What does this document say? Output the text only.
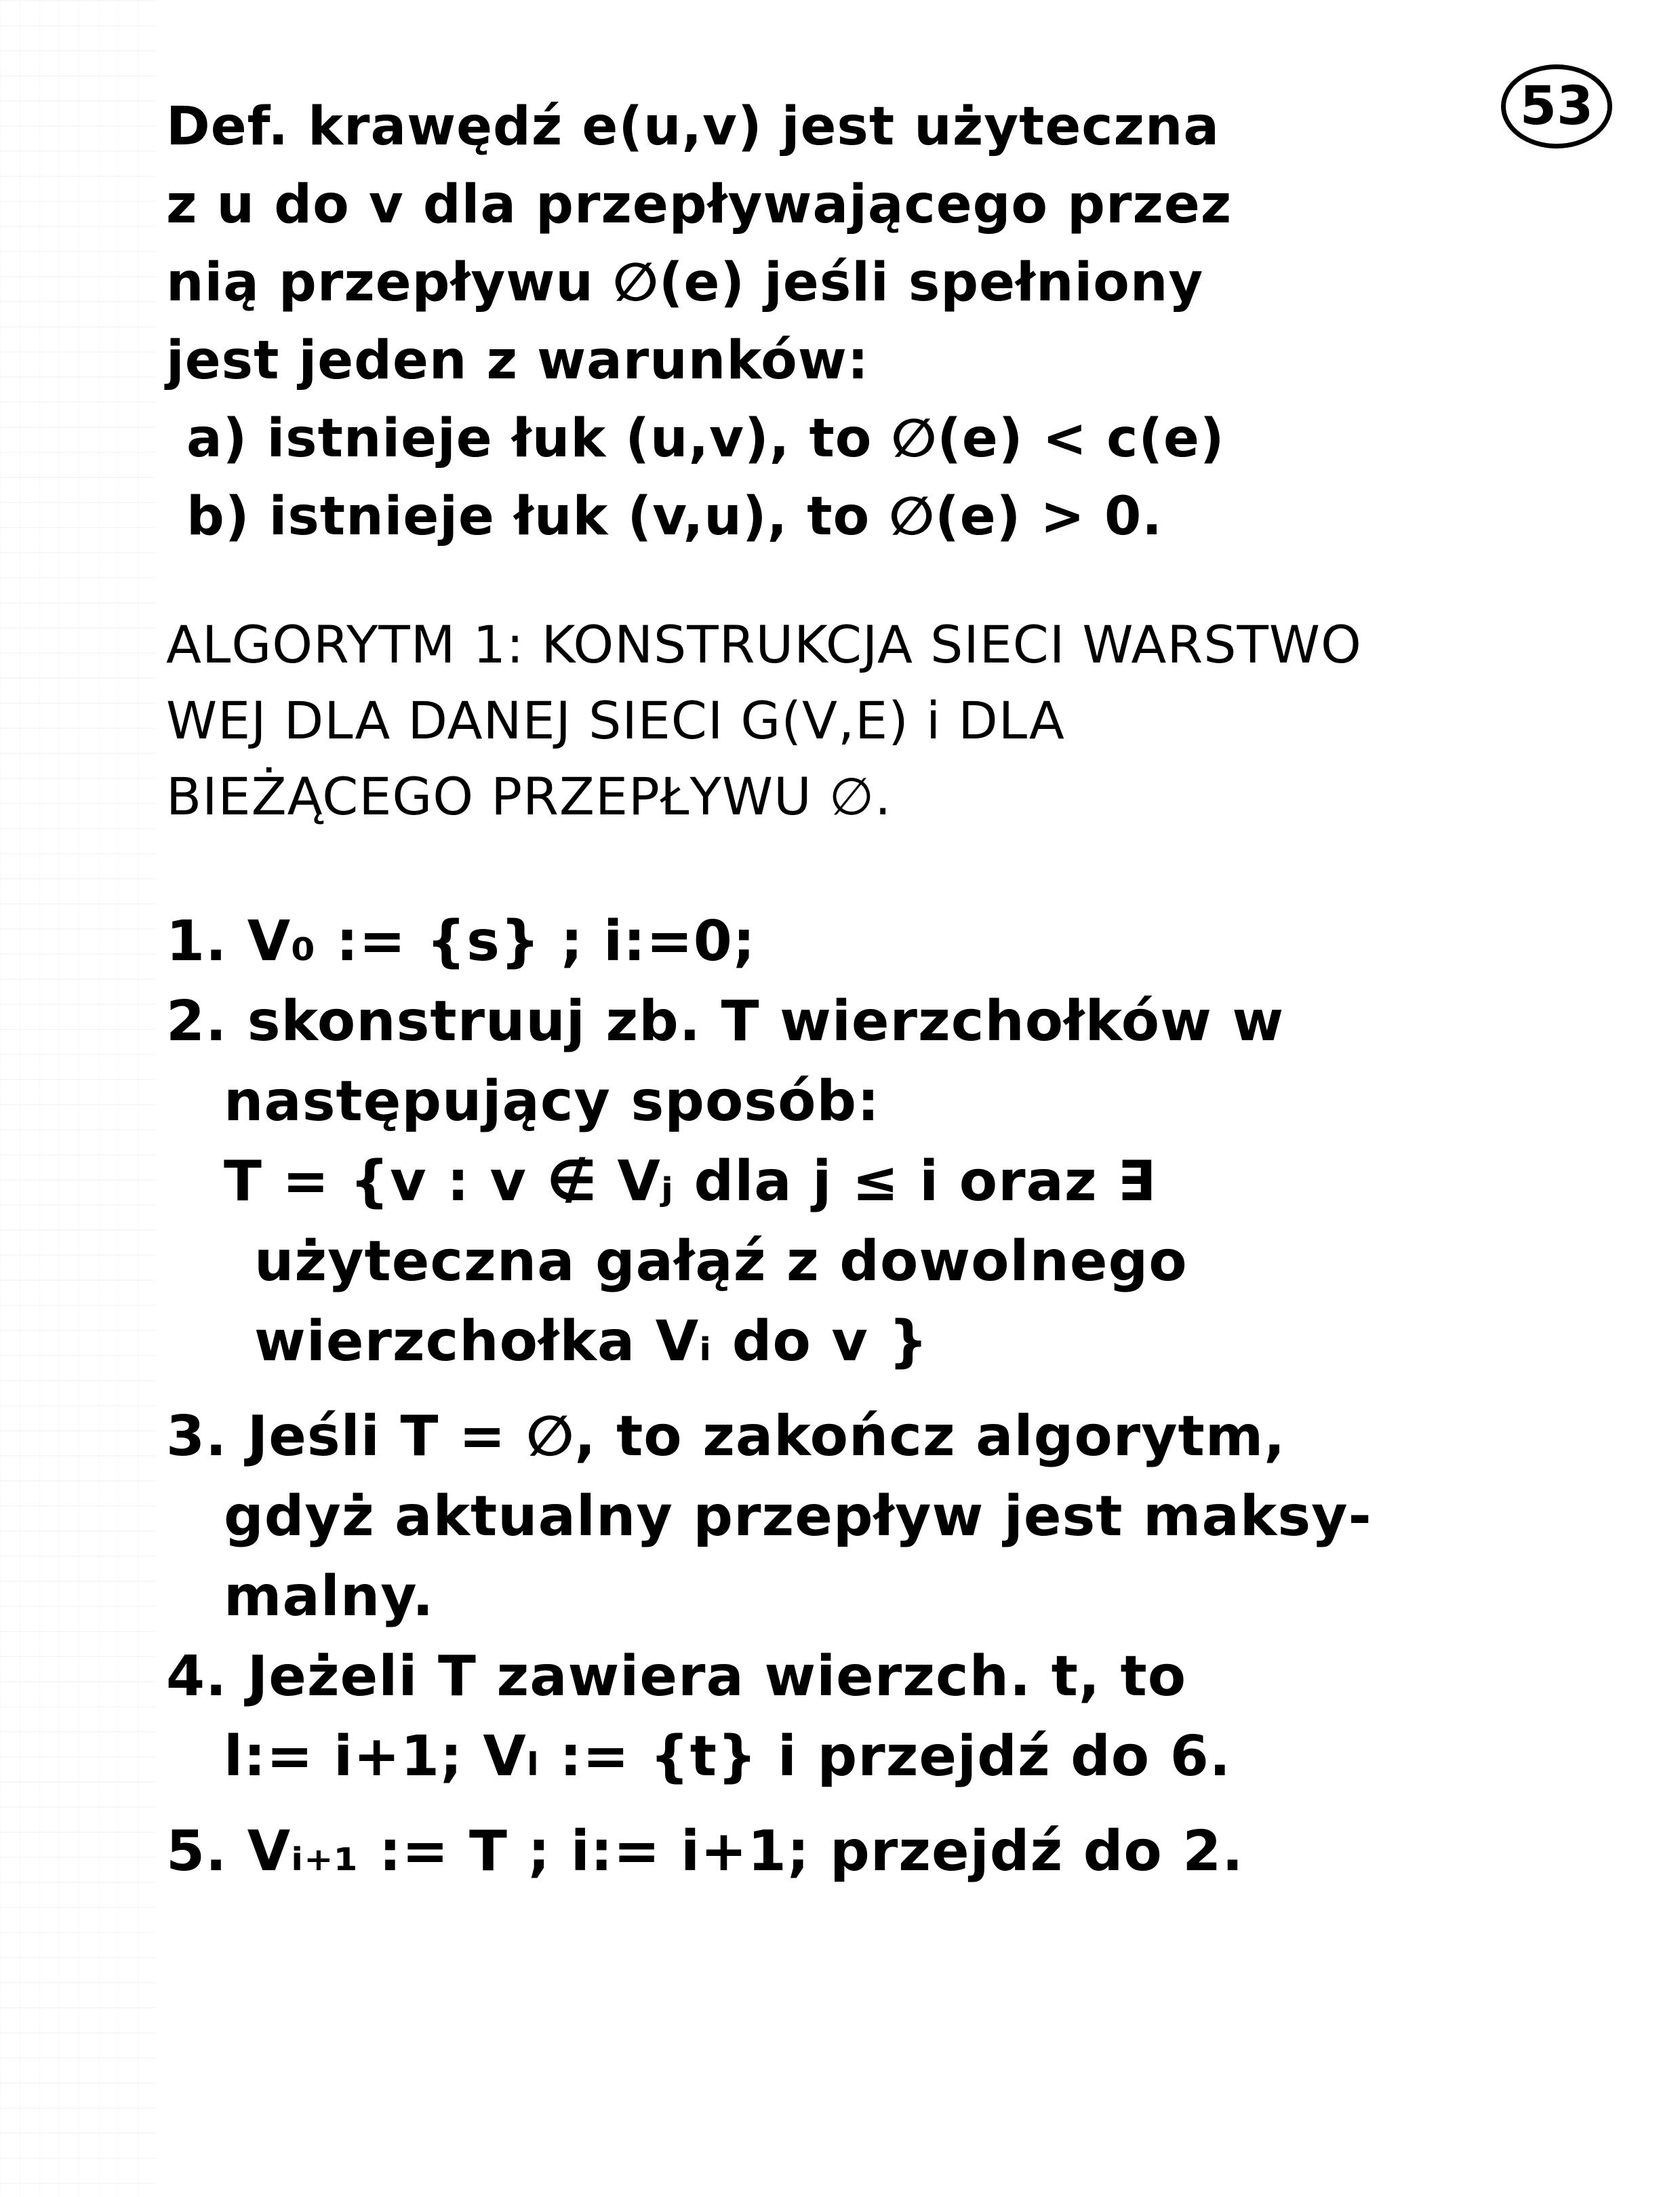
53
Def. krawędź e(u,v) jest użyteczna
z u do v dla przepływającego przez
nią przepływu ∅(e) jeśli spełniony
jest jeden z warunków:
a) istnieje łuk (u,v), to ∅(e) < c(e)
b) istnieje łuk (v,u), to ∅(e) > 0.
ALGORYTM 1: KONSTRUKCJA SIECI WARSTWO
WEJ DLA DANEJ SIECI G(V,E) i DLA
BIEŻĄCEGO PRZEPŁYWU ∅.
1. V₀ := {s} ; i:=0;
2. skonstruuj zb. T wierzchołków w
następujący sposób:
T = {v : v ∉ Vⱼ dla j ≤ i oraz ∃
użyteczna gałąź z dowolnego
wierzchołka Vᵢ do v }
3. Jeśli T = ∅, to zakończ algorytm,
gdyż aktualny przepływ jest maksy-
malny.
4. Jeżeli T zawiera wierzch. t, to
l:= i+1; Vₗ := {t} i przejdź do 6.
5. Vᵢ₊₁ := T ; i:= i+1; przejdź do 2.
